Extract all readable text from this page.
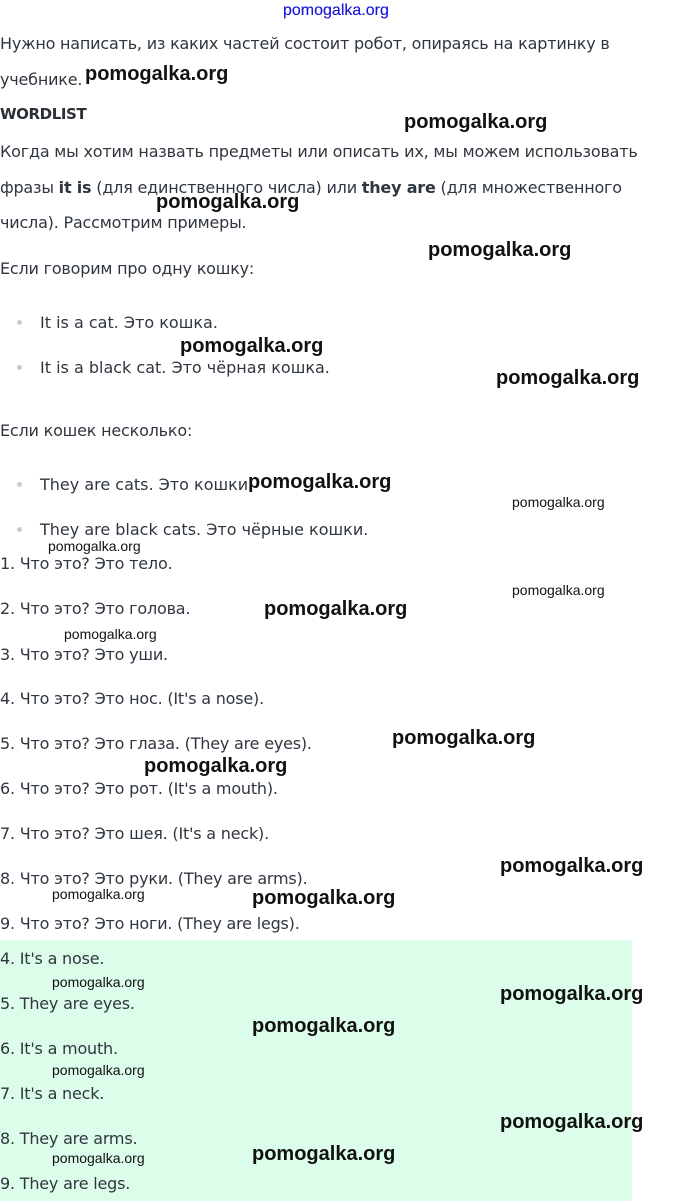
pomogalka.org
Нужно написать, из каких частей состоит робот, опираясь на картинку в
учебнике.
WORDLIST
Когда мы хотим назвать предметы или описать их, мы можем использовать
фразы it is (для единственного числа) или they are (для множественного
числа). Рассмотрим примеры.
Если говорим про одну кошку:
It is a cat. Это кошка.
It is a black cat. Это чёрная кошка.
Если кошек несколько:
They are cats. Это кошки.
They are black cats. Это чёрные кошки.
1. Что это? Это тело.
2. Что это? Это голова.
3. Что это? Это уши.
4. Что это? Это нос. (It's a nose).
5. Что это? Это глаза. (They are eyes).
6. Что это? Это рот. (It's a mouth).
7. Что это? Это шея. (It's a neck).
8. Что это? Это руки. (They are arms).
9. Что это? Это ноги. (They are legs).
4. It's a nose.
5. They are eyes.
6. It's a mouth.
7. It's a neck.
8. They are arms.
9. They are legs.
pomogalka.org
pomogalka.org
pomogalka.org
pomogalka.org
pomogalka.org
pomogalka.org
pomogalka.org
pomogalka.org
pomogalka.org
pomogalka.org
pomogalka.org
pomogalka.org
pomogalka.org
pomogalka.org
pomogalka.org
pomogalka.org	pomogalka.org
pomogalka.org
pomogalka.org
pomogalka.org
pomogalka.org
pomogalka.org
pomogalka.org
pomogalka.org
